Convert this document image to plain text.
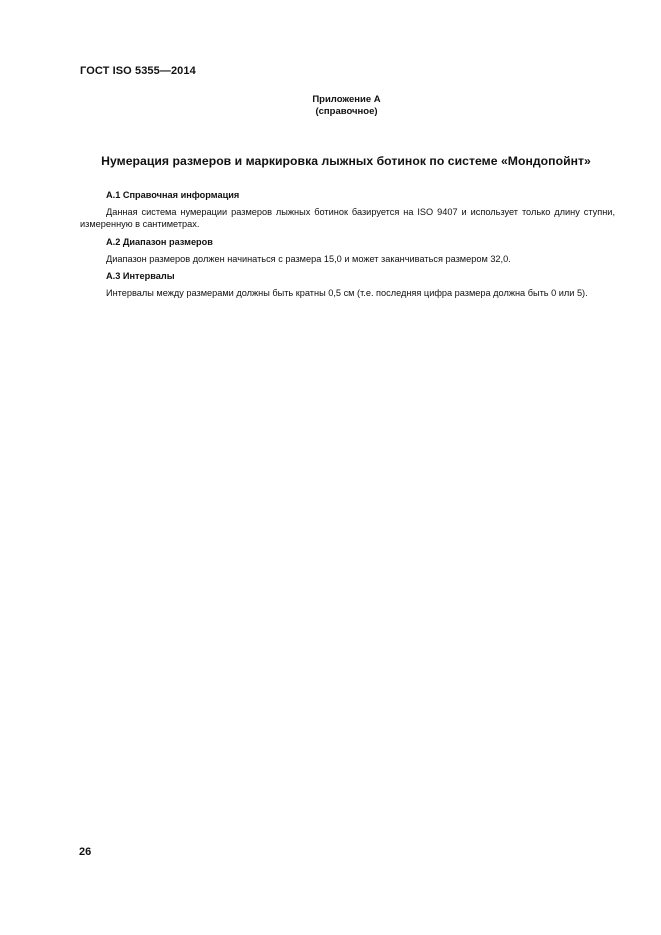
ГОСТ ISO 5355—2014
Приложение А
(справочное)
Нумерация размеров и маркировка лыжных ботинок по системе «Мондопойнт»
А.1 Справочная информация

Данная система нумерации размеров лыжных ботинок базируется на ISO 9407 и использует только длину ступни, измеренную в сантиметрах.

А.2 Диапазон размеров

Диапазон размеров должен начинаться с размера 15,0 и может заканчиваться размером 32,0.

А.3 Интервалы

Интервалы между размерами должны быть кратны 0,5 см (т.е. последняя цифра размера должна быть 0 или 5).

26
